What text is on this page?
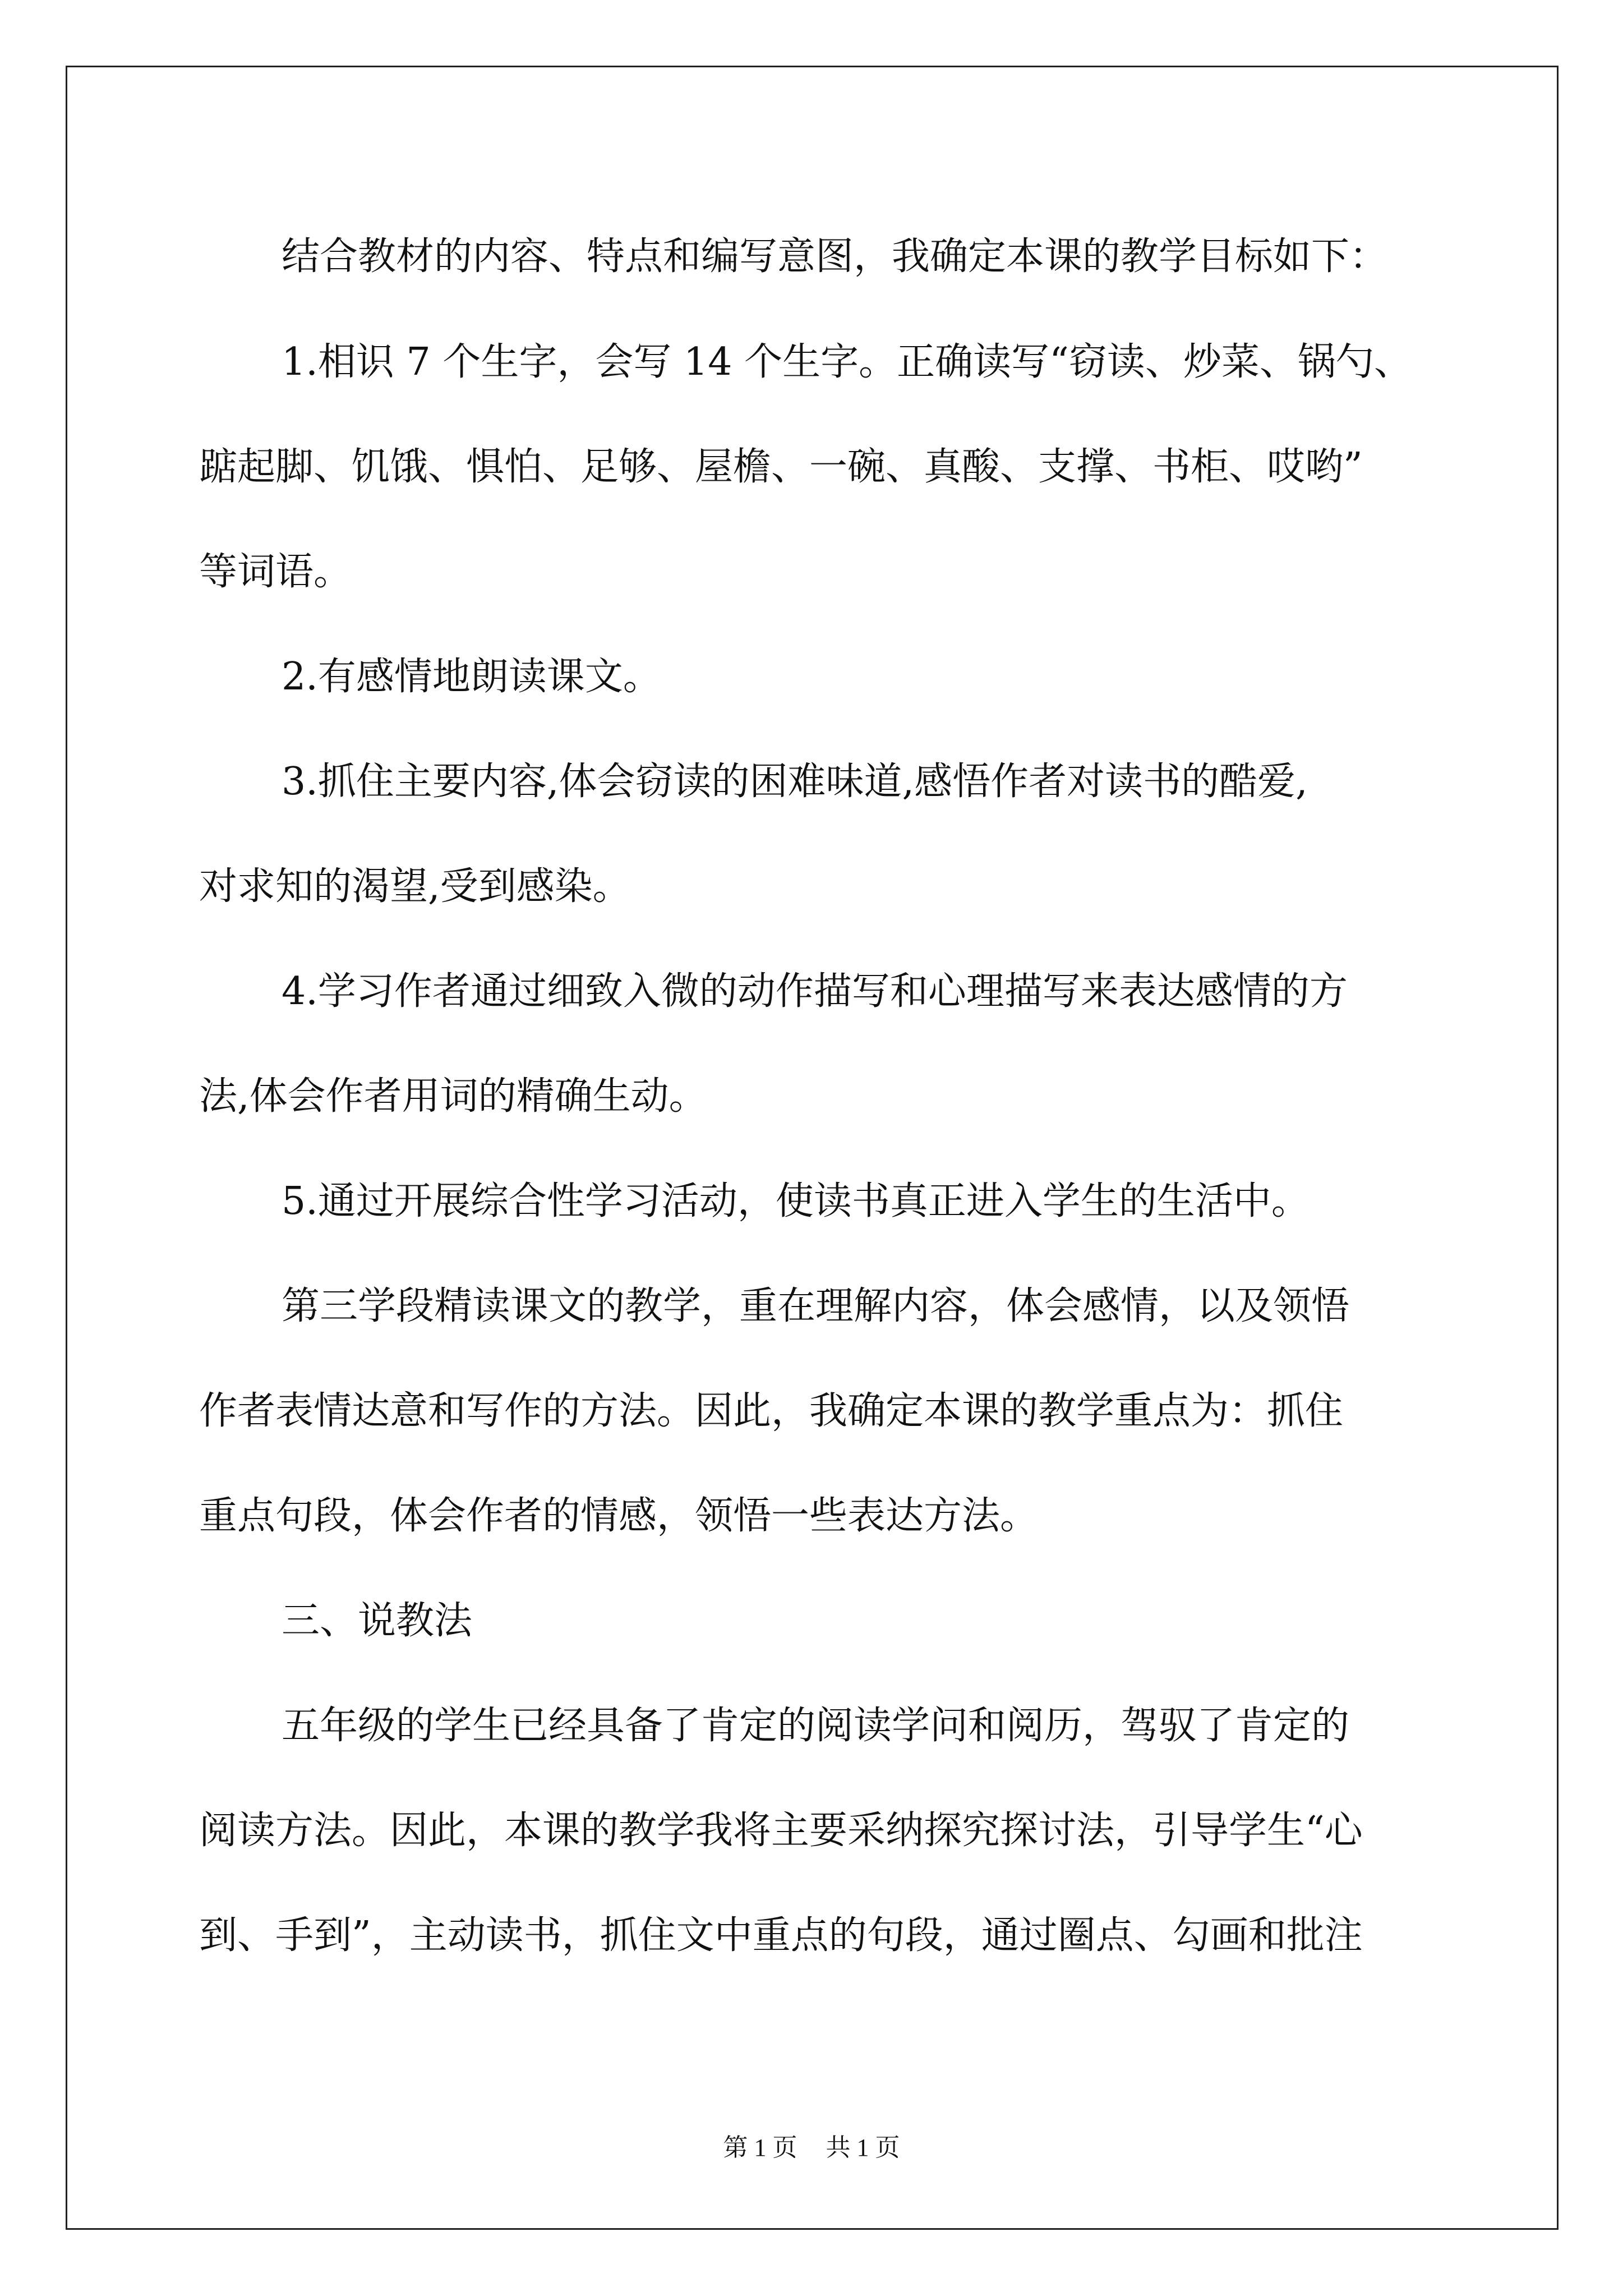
结合教材的内容、特点和编写意图，我确定本课的教学目标如下：
1.相识 7 个生字，会写 14 个生字。正确读写“窃读、炒菜、锅勺、
踮起脚、饥饿、惧怕、足够、屋檐、一碗、真酸、支撑、书柜、哎哟”
等词语。
2.有感情地朗读课文。
3.抓住主要内容,体会窃读的困难味道,感悟作者对读书的酷爱,
对求知的渴望,受到感染。
4.学习作者通过细致入微的动作描写和心理描写来表达感情的方
法,体会作者用词的精确生动。
5.通过开展综合性学习活动，使读书真正进入学生的生活中。
第三学段精读课文的教学，重在理解内容，体会感情，以及领悟
作者表情达意和写作的方法。因此，我确定本课的教学重点为：抓住
重点句段，体会作者的情感，领悟一些表达方法。
三、说教法
五年级的学生已经具备了肯定的阅读学问和阅历，驾驭了肯定的
阅读方法。因此，本课的教学我将主要采纳探究探讨法，引导学生“心
到、手到”，主动读书，抓住文中重点的句段，通过圈点、勾画和批注
第 1 页 共 1 页
